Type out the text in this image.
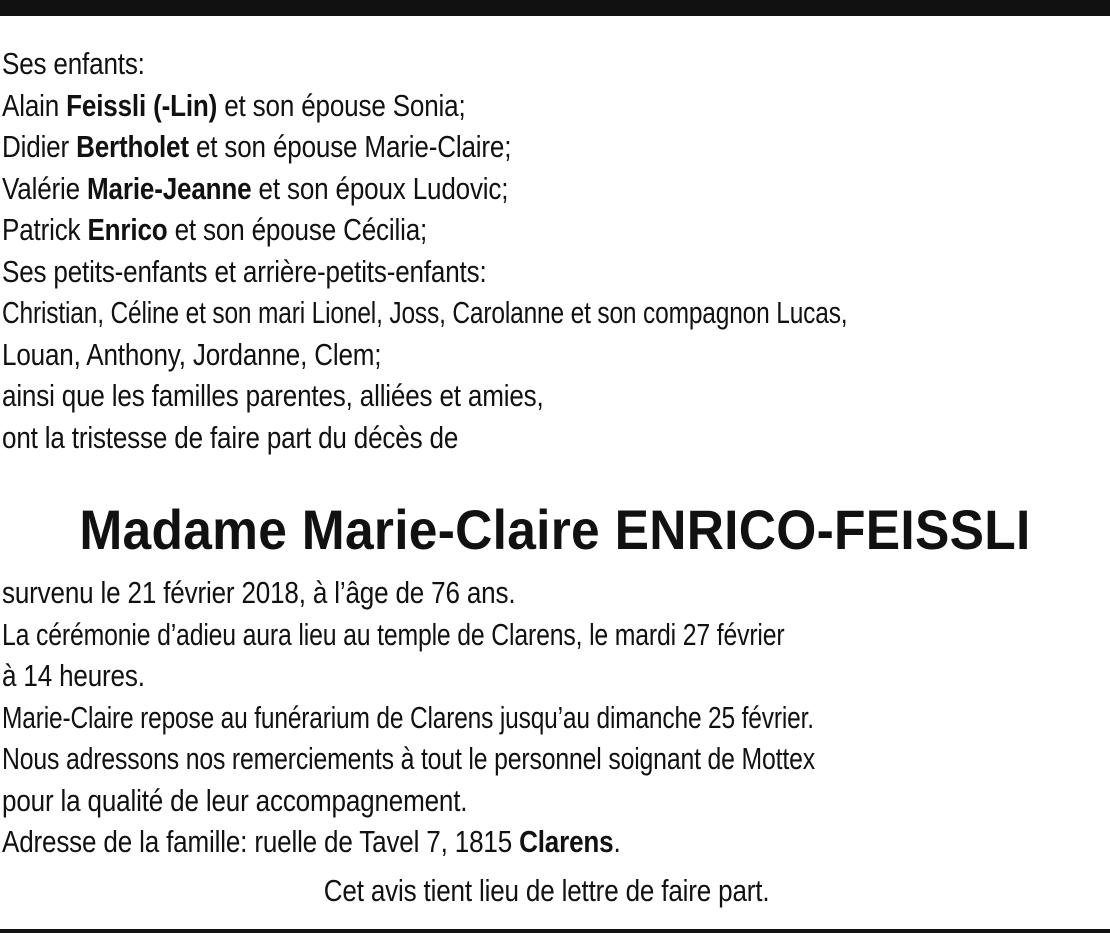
Ses enfants:
Alain Feissli (-Lin) et son épouse Sonia;
Didier Bertholet et son épouse Marie-Claire;
Valérie Marie-Jeanne et son époux Ludovic;
Patrick Enrico et son épouse Cécilia;
Ses petits-enfants et arrière-petits-enfants:
Christian, Céline et son mari Lionel, Joss, Carolanne et son compagnon Lucas,
Louan, Anthony, Jordanne, Clem;
ainsi que les familles parentes, alliées et amies,
ont la tristesse de faire part du décès de
Madame Marie-Claire ENRICO-FEISSLI
survenu le 21 février 2018, à l’âge de 76 ans.
La cérémonie d’adieu aura lieu au temple de Clarens, le mardi 27 février
à 14 heures.
Marie-Claire repose au funérarium de Clarens jusqu’au dimanche 25 février.
Nous adressons nos remerciements à tout le personnel soignant de Mottex
pour la qualité de leur accompagnement.
Adresse de la famille: ruelle de Tavel 7, 1815 Clarens.
Cet avis tient lieu de lettre de faire part.
